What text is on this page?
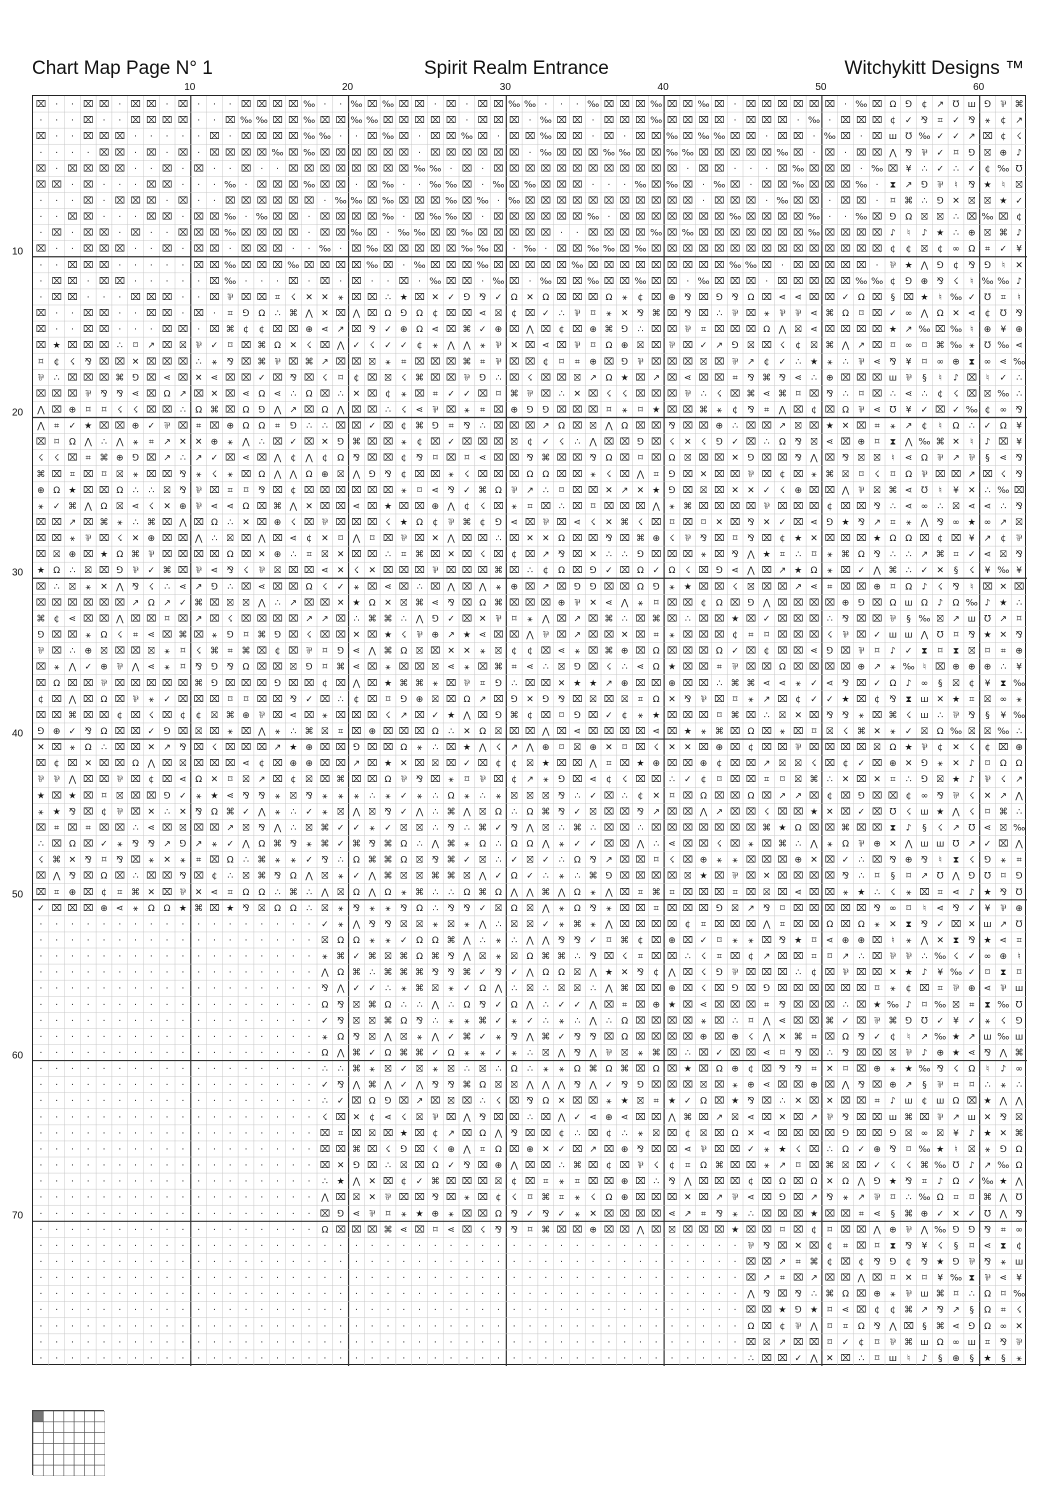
Chart Map Page N° 1	Spirit Realm Entrance	Witchykitt Designs ™
10	20	30	40	50	60
10
20
30
40
50
60
70
⌧ ⋅ ⋅ ⌧ ⌧ ⋅ ⌧ ⌧ ⋅ ⌧ ⋅ ⋅ ⋅ ⌧ ⌧ ⌧ ⌧ ‰ ⋅ ⋅ ‰ ⌧ ‰ ⌧ ⌧ ⋅ ⌧ ⋅ ⌧ ⌧ ‰ ‰ ⋅ ⋅ ⋅ ‰ ⌧ ⌧ ⌧ ‰ ⌧ ⌧ ‰ ⌧ ⋅ ⌧ ⌧ ⌧ ⌧ ⌧ ⌧ ⋅ ‰ ⌧ Ω ⅁ ¢ ↗ ℧ ш ⅁ ⅌ ⌘
⋅ ⋅ ⋅ ⌧ ⋅ ⋅ ⌧ ⌧ ⌧ ⌧ ⋅ ⋅ ⌧ ‰ ‰ ⌧ ⌧ ‰ ⌧ ⌧ ‰ ‰ ⌧ ⌧ ⌧ ⌧ ⌧ ⋅ ⌧ ⌧ ⌧ ⋅ ‰ ⌧ ⌧ ⋅ ⌧ ⌧ ⌧ ‰ ⌧ ⌧ ⌧ ⌧ ⋅ ⌧ ⌧ ⌧ ⋅ ‰ ⋅ ⌧ ⌧ ⌧ ¢ ✓ ⅋ ⌗ ✓ ⅋ ⚹ ¢ ↗
⌧ ⋅ ⋅ ⌧ ⌧ ⌧ ⋅ ⋅ ⋅ ⋅ ⋅ ⌧ ⋅ ⌧ ⌧ ⌧ ⌧ ‰ ‰ ⋅ ⋅ ⌧ ‰ ⌧ ⋅ ⌧ ⌧ ‰ ⌧ ⋅ ⌧ ⌧ ‰ ⌧ ⌧ ⋅ ⌧ ⋅ ⌧ ⌧ ‰ ⌧ ‰ ‰ ⌧ ⌧ ⋅ ⌧ ⌧ ⋅ ‰ ⌧ ⋅ ⌧ ш ℧ ‰ ✓ ✓ ↗ ⌧ ¢ ☇
⋅ ⋅ ⋅ ⋅ ⌧ ⌧ ⋅ ⌧ ⋅ ⌧ ⋅ ⌧ ⌧ ⌧ ⌧ ‰ ⌧ ‰ ⌧ ⌧ ⌧ ⌧ ⌧ ⌧ ⋅ ⌧ ⌧ ⌧ ⌧ ⌧ ⌧ ⋅ ‰ ⌧ ⌧ ⌧ ‰ ‰ ⌧ ⌧ ‰ ‰ ⌧ ⌧ ⌧ ⌧ ⌧ ‰ ⌧ ⋅ ⌧ ⋅ ⌧ ⌧ ⋀ ⅋ ⅌ ✓ ⌑ ⅁ ⛝ ⊕ ♪
⌧ ⋅ ⌧ ⌧ ⌧ ⌧ ⋅ ⋅ ⌧ ⋅ ⌧ ⋅ ⋅ ⌧ ⋅ ⋅ ⌧ ⌧ ⌧ ⌧ ⌧ ⌧ ⌧ ⌧ ‰ ‰ ⋅ ⌧ ⋅ ⌧ ⌧ ⌧ ⌧ ⌧ ⌧ ⌧ ⌧ ⌧ ⌧ ⌧ ⌧ ⋅ ⌧ ⌧ ⋅ ⋅ ⋅ ⌧ ‰ ⌧ ⌧ ⌧ ⋅ ‰ ⌧ ¥ ∴ ✓ ∴ ✓ ¢ ‰ ℧
⌧ ⌧ ⋅ ⌧ ⋅ ⋅ ⋅ ⌧ ⌧ ⋅ ⋅ ⋅ ‰ ⋅ ⌧ ⌧ ⌧ ‰ ⌧ ⌧ ⋅ ⌧ ‰ ⋅ ⋅ ‰ ‰ ⌧ ⋅ ‰ ⌧ ‰ ⌧ ⌧ ⌧ ⋅ ⋅ ⋅ ‰ ⌧ ‰ ⌧ ⋅ ‰ ⌧ ⋅ ⌧ ⌧ ‰ ⌧ ⌧ ⌧ ‰ ⋅ ⧗ ↗ ⅁ ⅌ ♮ ⅋ ★ ♮ ⛝
⋅ ⋅ ⋅ ⌧ ⋅ ⌧ ⌧ ⌧ ⋅ ⌧ ⋅ ⋅ ⌧ ⌧ ⌧ ⌧ ⌧ ⌧ ⋅ ‰ ‰ ⌧ ‰ ⌧ ⌧ ⌧ ‰ ⌧ ‰ ⋅ ‰ ⌧ ⌧ ⌧ ⌧ ⌧ ⌧ ⌧ ⌧ ⌧ ⌧ ⌧ ⋅ ⌧ ⌧ ⌧ ⋅ ‰ ⌧ ⌧ ⋅ ⌧ ⌧ ⋅ ⌑ ⌘ ∴ ⅁ ✕ ⛝ ⛝ ★ ✓
⋅ ⋅ ⌧ ⌧ ⋅ ⋅ ⋅ ⌧ ⌧ ⋅ ⌧ ⌧ ‰ ⋅ ‰ ⌧ ⌧ ⋅ ⌧ ⌧ ⌧ ⌧ ‰ ⋅ ⌧ ‰ ‰ ⌧ ⋅ ⌧ ⌧ ⌧ ⌧ ⌧ ⌧ ‰ ⋅ ⌧ ⌧ ⌧ ⌧ ⌧ ⌧ ⌧ ‰ ⌧ ⌧ ⌧ ⌧ ‰ ⋅ ⋅ ‰ ⌧ ⅁ Ω ⛝ ⛝ ∴ ⌧ ‰ ⌧ ¢
⋅ ⌧ ⋅ ⌧ ⌧ ⋅ ⌧ ⋅ ⋅ ⌧ ⌧ ⌧ ‰ ⌧ ⌧ ⌧ ⌧ ⋅ ⌧ ⌧ ‰ ⌧ ⋅ ‰ ‰ ⌧ ⌧ ‰ ⌧ ⌧ ⌧ ⌧ ⌧ ⋅ ⋅ ⌧ ⌧ ⌧ ⌧ ‰ ⌧ ‰ ⌧ ⌧ ⌧ ⌧ ⌧ ⌧ ⌧ ‰ ⌧ ⌧ ⌧ ⌧ ♪ ♮ ♪ ★ ∴ ⊕ ⛝ ⌘ ♪
⌧ ⋅ ⋅ ⌧ ⌧ ⌧ ⋅ ⋅ ⌧ ⋅ ⌧ ⌧ ⋅ ⌧ ⌧ ⌧ ⋅ ⋅ ‰ ⋅ ⌧ ‰ ⌧ ⌧ ⌧ ⌧ ⌧ ‰ ‰ ⌧ ⋅ ‰ ⋅ ⌧ ⌧ ‰ ‰ ⌧ ‰ ⌧ ⌧ ⌧ ⌧ ⌧ ⌧ ⌧ ⌧ ⌧ ⌧ ⌧ ⌧ ⌧ ⌧ ⌧ ¢ ¢ ⛝ ¢ ∞ Ω ⌗ ✓ ¥
⋅ ⋅ ⌧ ⌧ ⌧ ⋅ ⋅ ⋅ ⋅ ⋅ ⌧ ⌧ ‰ ⌧ ⌧ ⌧ ‰ ⌧ ⌧ ⌧ ⌧ ‰ ⌧ ⋅ ‰ ⌧ ⌧ ⌧ ‰ ⌧ ⌧ ⌧ ⌧ ⌧ ‰ ⌧ ⌧ ⌧ ⌧ ⌧ ⌧ ⌧ ⌧ ⌧ ‰ ‰ ⌧ ⋅ ⌧ ⌧ ⌧ ⌧ ⌧ ⋅ ⅌ ★ ⋀ ⅁ ¢ ⅋ ⅁ ♮ ✕
⋅ ⌧ ⌧ ⋅ ⌧ ⌧ ⋅ ⋅ ⋅ ⋅ ⋅ ⌧ ‰ ⋅ ⋅ ⋅ ⌧ ⋅ ⌧ ⋅ ⌧ ⋅ ⋅ ⌧ ⋅ ‰ ⌧ ⌧ ⋅ ‰ ⌧ ⋅ ‰ ⌧ ⌧ ‰ ⌧ ⌧ ‰ ⌧ ⌧ ⋅ ‰ ⌧ ⌧ ⌧ ⋅ ⌧ ⌧ ⌧ ⌧ ⌧ ‰ ‰ ¢ ⅁ ⊕ ⅋ ☇ ♮ ‰ ‰ ♪
⋅ ⌧ ⌧ ⋅ ⋅ ⋅ ⌧ ⌧ ⌧ ⋅ ⋅ ⌧ ⅌ ⌧ ⌧ ⌗ ☇ ✕ ✕ ⚹ ⌧ ⌧ ∴ ★ ⌧ ✕ ✓ ⅁ ⅋ ✓ Ω ✕ Ω ⌧ ⌧ ⌧ Ω ⚹ ¢ ⌧ ⊕ ⅋ ⌧ ⅁ ⅋ Ω ⌧ ⋖ ⋖ ⌧ ⌧ ✓ Ω ⌧ § ⌧ ★ ♮ ‰ ✓ ℧ ⌗ ♮
⌧ ⋅ ⋅ ⌧ ⌧ ⋅ ⋅ ⌧ ⌧ ⋅ ⌧ ⋅ ⌗ ⅁ Ω ∴ ⌘ ⋀ ✕ ⌧ ⋀ ⌧ Ω ⅁ Ω ¢ ⌧ ⌧ ⋖ ⛝ ¢ ⌧ ✓ ∴ ⅌ ⌑ ⚹ ✕ ⅋ ⌘ ⌧ ⅋ ⌧ ∴ ⅌ ⌧ ⚹ ⅌ ⅌ ⋖ ⌘ Ω ⌑ ⌧ ✓ ∞ ⋀ Ω ✕ ⋖ ¢ ℧ ⅋
⌧ ⋅ ⋅ ⌧ ⌧ ⋅ ⋅ ⋅ ⌧ ⌧ ⋅ ⌧ ⌘ ¢ ¢ ⌧ ⌧ ⊕ ⋖ ↗ ⌧ ⅋ ✓ ⊕ Ω ⋖ ⌧ ⌘ ✓ ⊕ ⌧ ⋀ ⌧ ¢ ⌧ ⊕ ⌘ ⅁ ∴ ⌧ ⌧ ⅌ ⌗ ⌧ ⌧ ⌧ Ω ⋀ ⛝ ⋖ ⌧ ⌧ ⌧ ⌧ ★ ↗ ‰ ⌧ ‰ ♮ ⊕ ¥ ⊕
⌧ ★ ⌧ ⌧ ⌧ ∴ ⌑ ↗ ⌧ ⛝ ⅌ ✓ ⌑ ⌧ ⌘ Ω ✕ ☇ ⌧ ⋀ ✓ ☇ ✓ ✓ ¢ ⚹ ⋀ ⋀ ⚹ ⅌ ✕ ⌧ ⋖ ⌧ ⅌ ⌑ Ω ⊕ ⛝ ⌧ ⅌ ⌧ ✓ ↗ ⅁ ⛝ ⌧ ☇ ¢ ⛝ ⌘ ⋀ ↗ ⌧ ⌑ ∞ ⌑ ⌘ ‰ ⚹ ℧ ‰ ⋖
⌑ ¢ ☇ ⅋ ⌧ ⌧ ✕ ⌧ ⌧ ⌧ ∴ ⚹ ⅋ ⌧ ⌘ ⅌ ⌧ ⌘ ↗ ⌧ ⌧ ⛝ ⚹ ⌗ ⌧ ⌧ ⌧ ⌘ ⌗ ⅌ ⌧ ⌧ ¢ ⌑ ⌗ ⊕ ⌧ ⅁ ⅌ ⌧ ⌧ ⌧ ⛝ ⌧ ⅌ ↗ ¢ ✓ ∴ ★ ⚹ ∴ ⅌ ⋖ ⅋ ¥ ⌑ ∞ ⊕ ⧗ ∞ ⋖ ‰
⅌ ∴ ⌧ ⌧ ⌧ ⌘ ⅁ ⌧ ⋖ ⌧ ✕ ⋖ ⌧ ⌧ ✓ ⌧ ⅋ ⌧ ☇ ⌑ ¢ ⌧ ⛝ ☇ ⌘ ⌧ ⌧ ⅌ ⅁ ∴ ⌧ ☇ ⌧ ⌧ ⛝ ↗ Ω ★ ⌧ ↗ ⌧ ⋖ ⌧ ⌧ ⌗ ⅋ ⌘ ⅋ ⋖ ∴ ⊕ ⌧ ⌧ ⌧ ш ⅌ § ♮ ♪ ⌧ ♮ ✓ ∴
⌧ ⌧ ⌧ ⅌ ⅋ ⅋ ⋖ ⌧ Ω ↗ ⌧ ✕ ⌧ ⋖ Ω ⋖ ∴ Ω ⌧ ∴ ✕ ⌧ ¢ ⚹ ⌧ ⌗ ✓ ✓ ⌧ ⌑ ⌘ ⅌ ⌧ ∴ ✕ ⌧ ☇ ☇ ⌧ ⌧ ⌧ ⅌ ∴ ☇ ⌧ ⌘ ⋖ ⌘ ⌑ ⌧ ⅋ ∴ ⌑ ⌧ ∴ ⋖ ∴ ¢ ☇ ⌧ ⛝ ‰ ∴
⋀ ⌧ ⊕ ⌑ ⌑ ☇ ☇ ⌧ ⌧ ∴ Ω ⌘ ⌧ Ω ⅁ ⋀ ↗ ⌧ Ω ⋀ ⌧ ⌧ ∴ ☇ ⋖ ⅌ ⌧ ⚹ ⌗ ⌧ ⊕ ⅁ ⅁ ⌧ ⌧ ⌧ ⌑ ⚹ ⌑ ★ ⌧ ⌧ ⌘ ⚹ ¢ ⅋ ⌗ ⋀ ⌧ ¢ ⌧ Ω ⅌ ⋖ ℧ ¥ ✓ ⌧ ✓ ‰ ¢ ∞ ⅋
⋀ ⌗ ✓ ★ ⌧ ⌧ ⊕ ✓ ⅌ ⌧ ⌗ ⌧ ⊕ Ω Ω ⌗ ⅁ ∴ ∴ ⌧ ⌧ ✓ ⌧ ¢ ⌘ ⅁ ⌗ ⅋ ∴ ⌧ ⌧ ⌧ ↗ Ω ⌧ ⛝ ⋀ Ω ⌧ ⌧ ⅋ ⌧ ⌧ ⊕ ∴ ⌧ ⌧ ↗ ⛝ ⌧ ★ ✕ ⌧ ⌗ ⚹ ↗ ¢ ♮ Ω ∴ ✓ Ω ¥
⌧ ⌑ Ω ⋀ ∴ ⋀ ⚹ ⌗ ↗ ✕ ✕ ⊕ ⚹ ⋀ ∴ ⌧ ✓ ⌧ ✕ ⅁ ⌘ ⌧ ⌧ ⚹ ¢ ⌧ ✓ ⌧ ⌧ ⌧ ⛝ ¢ ✓ ☇ ∴ ⋀ ⌧ ⌧ ⅁ ⌧ ☇ ✕ ☇ ⅁ ✓ ⌧ ∴ Ω ⅋ ⛝ ⋖ ⌧ ⊕ ⌑ ⧗ ⋀ ‰ ⌘ ✕ ♮ ♪ ⌧ ¥
☇ ☇ ⌧ ⌗ ⌘ ⊕ ⅁ ⌧ ↗ ∴ ↗ ✓ ⌧ ⋖ ⌧ ⋀ ¢ ⋀ ¢ Ω ⅋ ⌧ ⌧ ¢ ⅋ ⌑ ⌧ ⌑ ⋖ ⌧ ⌧ ⅋ ⌘ ⌧ ⌧ ⅋ Ω ⌧ ⌑ ⌧ Ω ⛝ ⌧ ⌧ ✕ ⅁ ⌧ ⌧ ⅋ ⋀ ⌧ ⅋ ⛝ ⛝ ♮ ⋖ Ω ⅌ ↗ ⅌ § ⋖ ⅋
⌘ ⌧ ⌗ ⌧ ⌑ ⛝ ⚹ ⌧ ⌧ ⅋ ⚹ ☇ ⚹ ⌧ Ω ⋀ ⋀ Ω ⊕ ⛝ ⋀ ⅁ ⅋ ¢ ⌧ ⌧ ⚹ ☇ ⌧ ⌧ ⌧ Ω Ω ⌧ ⌧ ⚹ ☇ ⌧ ⋀ ⌗ ⅁ ⌧ ✕ ⌧ ⌧ ⅌ ⌧ ¢ ⌧ ⚹ ⌘ ⛝ ⌑ ☇ ⌑ Ω ⅌ ⌧ ⌧ ↗ ⌧ ☇ ⅋
⊕ Ω ★ ⌧ ⌧ Ω ∴ ∴ ⛝ ⅋ ⅌ ⌧ ⌗ ⌑ ⅋ ⌧ ¢ ⌧ ⌧ ⌧ ⌧ ⌧ ⌧ ⚹ ⌑ ⋖ ⅋ ✓ ⌘ Ω ⅌ ↗ ∴ ⌑ ⌧ ⌧ ✕ ↗ ✕ ★ ⅁ ⌧ ⛝ ⌧ ✕ ✕ ✓ ☇ ⊕ ⌧ ⌧ ⋀ ⅌ ⛝ ⌘ ⋖ ℧ ♮ ¥ ✕ ∴ ‰ ⌧
⚹ ✓ ⌘ ⋀ Ω ⛝ ⋖ ☇ ✕ ⊕ ⅌ ⋖ ⋖ Ω ⌧ ⌘ ⋀ ✕ ⌧ ⌧ ⋖ ⌧ ★ ⌧ ⌧ ⊕ ⋀ ¢ ☇ ⌧ ⚹ ⌗ ⌧ ∴ ⌧ ⌑ ⌧ ⌧ ⌧ ⋀ ⚹ ⌘ ⌧ ⌧ ⌧ ⌧ ⅌ ⌧ ⌧ ⌧ ¢ ⌧ ⌧ ⅋ ∴ ⋖ ∞ ∴ ⛝ ⋖ ⋖ ∴ ⅋
⌧ ⌧ ↗ ⌧ ⌘ ⚹ ∴ ⌘ ⌧ ⋀ ⌧ Ω ∴ ✕ ⌧ ⊕ ☇ ⌧ ⅌ ⌧ ⌧ ⌧ ☇ ★ Ω ¢ ⅌ ⌘ ¢ ⅁ ⋖ ⌧ ⅌ ⌧ ⋖ ☇ ✕ ⌘ ☇ ⌧ ⌑ ⌧ ⌑ ✕ ⌧ ⅋ ✕ ✓ ⌧ ⋖ ⅁ ★ ⅋ ↗ ⌗ ⚹ ⋀ ⅋ ∞ ★ ∞ ↗ ⛝
⌧ ⌧ ⚹ ⅌ ⌧ ☇ ✕ ⊕ ⌧ ⌧ ⋀ ∴ ⛝ ⌧ ⋀ ⌧ ⋖ ¢ ✕ ⌑ ⋀ ⌑ ⌧ ⅌ ⌧ ✕ ⋀ ⌧ ⌧ ∴ ⌧ ✕ ✕ Ω ⌧ ⌧ ⅋ ⌧ ⌘ ⊕ ☇ ⅌ ⅋ ⌧ ⌑ ⅋ ⌧ ¢ ★ ✕ ⌧ ⌧ ⌧ ★ Ω Ω ⌧ ¢ ⌧ ¥ ↗ ¢ ⅌
⌧ ⛝ ⊕ ⌧ ★ Ω ⌘ ⅌ ⌧ ⌧ ⌧ ⌧ Ω ⌧ ✕ ⊕ ∴ ⌗ ⛝ ✕ ⌧ ⌧ ∴ ⌗ ⌘ ⌧ ✕ ⌧ ☇ ⌧ ¢ ⌧ ↗ ⅋ ⌧ ✕ ∴ ∴ ⅁ ⌧ ⌧ ⌧ ⚹ ⌧ ⅋ ⋀ ★ ⌗ ∴ ⌑ ⚹ ⌘ Ω ⅋ ∴ ∴ ↗ ⌘ ⌗ ✓ ⋖ ⛝ ⅋
★ Ω ∴ ⛝ ⌧ ⅁ ⅌ ✓ ⌘ ⌧ ⅌ ⋖ ⅋ ☇ ⅌ ⛝ ⌧ ⌧ ⋖ ✕ ☇ ✕ ⌧ ⌧ ⌧ ⅌ ⌧ ⌧ ⌧ ⌘ ⌧ ∴ ¢ Ω ⌧ ⅁ ✓ ⌧ Ω ✓ Ω ☇ ⌧ ⅁ ⋖ ⋀ ⌧ ↗ ★ Ω ⚹ ⌧ ✓ ⋀ ⌘ ∴ ✓ ✕ § ☇ ¥ ‰ ¥
⌧ ∴ ⛝ ⚹ ✕ ⋀ ⅋ ☇ ∴ ⋖ ↗ ⅁ ∴ ⌧ ⋖ ⌧ ⌧ Ω ☇ ✓ ⚹ ⌧ ⋖ ⌧ ∴ ⌧ ⋀ ⌧ ⋀ ⚹ ⊕ ⌧ ↗ ⌧ ⅁ ⅁ ⌧ ⌧ Ω ⅁ ⚹ ★ ⌧ ⌧ ☇ ⛝ ⌧ ⌧ ↗ ⋖ ⌗ ⌧ ⌧ ⊕ ⌑ Ω ♪ ☇ ⅋ ♮ ⌧ ✕ ⌧
⌧ ⌧ ⌧ ⌧ ⌧ ⌧ ↗ Ω ↗ ✓ ⌘ ⌧ ⛝ ⛝ ⋀ ∴ ↗ ⌧ ⌧ ✕ ★ Ω ✕ ⛝ ⌘ ⋖ ⅋ ⌧ Ω ⌘ ⌧ ⌧ ⌧ ⊕ ⅌ ✕ ⋖ ⋀ ⚹ ⌑ ⌧ ⌧ ¢ Ω ⌧ ⅁ ⋀ ⌧ ⌧ ⌧ ⌧ ⊕ ⅁ ⌧ Ω ш Ω ♪ Ω ‰ ♪ ★ ∴
⌘ ¢ ⋖ ⌧ ⌧ ⋀ ⌧ ⌧ ⌑ ⌧ ↗ ⌧ ☇ ⌧ ⌧ ⌧ ⌧ ↗ ↗ ⌧ ∴ ⌘ ⌘ ∴ ⋀ ⅁ ✓ ⌧ ✕ ⅌ ⌑ ⚹ ⋀ ⌧ ↗ ⌧ ⌘ ∴ ⌧ ⌘ ⌧ ∴ ⌧ ⌧ ★ ⌧ ✓ ⌧ ⌧ ⌧ ∴ ⅋ ⌧ ⌧ ⅌ § ‰ ⛝ ↗ ш ℧ ↗ ⌑
⅁ ⌧ ⌧ ⚹ Ω ☇ ⌗ ⋖ ⌧ ⌘ ⌧ ⚹ ⅁ ⌑ ⌘ ⅁ ⌧ ☇ ⌧ ⌧ ✕ ⌧ ★ ☇ ⅌ ⊕ ↗ ★ ⋖ ⌧ ⌧ ⋀ ⅌ ⌧ ↗ ⌧ ⌧ ✕ ⌧ ⌗ ⚹ ⌧ ⌧ ⌧ ¢ ⌗ ⌑ ⌧ ⌧ ⌧ ☇ ⅌ ⌧ ✓ ш ш ⋀ ℧ ⌑ ⅋ ★ ✕ ⅋
⅌ ⌧ ∴ ⊕ ⛝ ⌧ ⌧ ⛝ ⚹ ⌑ ☇ ⌘ ⌗ ⌘ ⌧ ¢ ⌧ ⅌ ⌑ ⅁ ⋖ ⋀ ⌘ Ω ⛝ ⌧ ✕ ✕ ⚹ ⛝ ¢ ¢ ⌧ ⋖ ⚹ ⌧ ⌘ ⊕ ⌧ Ω ⌧ ⌧ ⌧ Ω ✓ ⌧ ¢ ⌧ ⌧ ⋖ ⅁ ⌧ ⅌ ⌑ ♪ ✓ ⧗ ⌑ ⧗ ⛝ ⌑ ⌗ ⊕
⌧ ⚹ ⋀ ✓ ⊕ ⅌ ⋀ ⋖ ⚹ ⌑ ⅋ ⅁ ⅋ Ω ⌧ ⌧ ⛝ ⅁ ⌑ ⌘ ⋖ ⌧ ⚹ ⌧ ⌧ ⛝ ⋖ ⚹ ⌧ ⌘ ⌗ ⋖ ∴ ⛝ ⅁ ⌧ ☇ ∴ ⋖ Ω ★ ⌧ ⌧ ⌗ ⅌ ⌧ ⌧ Ω ⌧ ⌧ ⌧ ⌧ ⊕ ↗ ⚹ ‰ ♮ ⌧ ⊕ ⊕ ⊕ ∴ ¥
⌧ Ω ⌧ ⌧ ⅌ ⌧ ⌧ ⌧ ⌧ ⌧ ⌘ ⅁ ⌧ ⌧ ⌧ ⅁ ⌧ ⌧ ¢ ⌧ ⋀ ⌧ ★ ⌘ ⌘ ⚹ ⌧ ⅌ ⌗ ⅁ ∴ ⌧ ⌧ ✕ ★ ★ ↗ ⊕ ⌧ ⌧ ⊕ ⌧ ⌧ ∴ ⌘ ⌘ ⋖ ⋖ ⚹ ✓ ⋖ ⅋ ⌧ ✓ Ω ♪ ∞ § ⛝ ¢ ¥ ⧗ ‰
¢ ⌧ ⋀ ⌧ Ω ⌧ ⅌ ⚹ ✓ ⌧ ⌧ ⌧ ⌑ ⌑ ⌧ ⌧ ⅋ ✓ ⌧ ∴ ¢ ⌧ ⌑ ⅁ ⊕ ⛝ ⌧ Ω ↗ ⌧ ⅁ ✕ ⅁ ⅋ ⌧ ⛝ ⌧ ⛝ ⌗ Ω ✕ ⅋ ⅌ ⌧ ⌑ ⚹ ↗ ⌧ ¢ ✓ ✓ ★ ⌧ ¢ ⅋ ⧗ ш ✕ ★ ⌗ ⛝ ∞ ⚹
⌧ ⌧ ⌘ ⌧ ⌧ ¢ ⌧ ☇ ⌧ ¢ ¢ ⛝ ⌘ ⊕ ⅌ ⌧ ⋖ ⌧ ⚹ ⌧ ⌧ ⌧ ☇ ↗ ⌧ ✓ ★ ⋀ ⌧ ⅁ ⌘ ¢ ⌧ ⌑ ⅁ ⌧ ✓ ¢ ⚹ ★ ⌧ ⌧ ⌧ ⌑ ⌘ ⌧ ∴ ⛝ ✕ ⌧ ⅋ ⅋ ⚹ ⌧ ⌘ ☇ ш ∴ ⅌ ⅋ § ¥ ‰
⅁ ⊕ ✓ ⅋ Ω ⌧ ⌧ ✓ ⅁ ⌧ ⛝ ⌧ ⚹ ⌧ ⋀ ⚹ ∴ ⌘ ⛝ ⌗ ⌧ ⊕ ⌧ ⌧ ⌧ Ω ∴ ✕ Ω ⛝ ⌧ ⌧ ⋀ ⌧ ⋖ ⌧ ⌧ ⌧ ⌧ ⋖ ⌧ ★ ⚹ ⌘ ⌧ Ω ⌧ ⚹ ⌧ ⌑ ⛝ ☇ ⌘ ✕ ⚹ ✓ ⛝ Ω ‰ ⛝ ⛝ ‰ ∴
✕ ⌧ ⚹ Ω ∴ ⌧ ⌧ ✕ ↗ ⅋ ⌧ ☇ ⌧ ⌧ ⌧ ↗ ★ ⊕ ⌧ ⌧ ⅁ ⌧ ⌧ Ω ⚹ ∴ ⌧ ★ ⋀ ☇ ↗ ⋀ ⊕ ⌑ ⛝ ⊕ ✕ ⌑ ⌧ ☇ ✕ ✕ ⌧ ⊕ ⌧ ¢ ⌧ ⌧ ⅌ ⌧ ⌧ ⌧ ⌧ ⛝ Ω ★ ⅌ ¢ ✕ ☇ ¢ ⌧ ⊕
⌧ ¢ ⌧ ✕ ⌧ ⌧ Ω ⋀ ⌧ ⛝ ⌧ ⌧ ⌧ ⋖ ¢ ⌧ ⊕ ⊕ ⌧ ⌧ ↗ ⌧ ★ ✕ ⌧ ⛝ ⌧ ✓ ⌧ ¢ ¢ ⛝ ★ ⌧ ⌧ ⋀ ⌗ ⌧ ★ ⊕ ⌧ ⌧ ⊕ ¢ ⌧ ⌧ ↗ ⛝ ⛝ ☇ ⌧ ¢ ✓ ⌧ ⊕ ✕ ⅁ ⚹ ✕ ♪ ⌑ Ω Ω
⅌ ⅌ ⋀ ⌧ ⌧ ⅌ ⌧ ¢ ⌧ ⋖ Ω ✕ ⌑ ⛝ ↗ ⌧ ¢ ⛝ ⌧ ⌘ ⌧ ⌧ Ω ⅌ ⅋ ⌧ ⚹ ⌑ ⅌ ⌧ ¢ ↗ ⚹ ⅁ ⌧ ⋖ ¢ ☇ ⌧ ⌧ ∴ ✓ ¢ ⌑ ⌧ ⌧ ⌗ ⌑ ⛝ ⌘ ∴ ✕ ⌧ ✕ ⌗ ∴ ⅁ ⛝ ★ ♪ ⅌ ☇ ↗
★ ⌧ ★ ⌧ ⌑ ⛝ ⌧ ⌧ ⅁ ✓ ⚹ ★ ⋖ ⅋ ⅋ ⚹ ⛝ ⅋ ⚹ ⚹ ⚹ ∴ ⚹ ✓ ⚹ ∴ Ω ⚹ ∴ ⚹ ⛝ ⛝ ⛝ ⅋ ∴ ✓ ⌧ ∴ ¢ ✕ ⌑ ⌧ Ω ⌧ ⌧ Ω ⌧ ↗ ↗ ⌧ ¢ ⌧ ⅁ ⌧ ⌧ ¢ ∞ ⅋ ⅌ ☇ ✕ ↗ ⋀
⚹ ★ ⅋ ⌧ ¢ ⅌ ⌧ ✕ ∴ ✕ ⅋ Ω ⌘ ✓ ⋀ ⚹ ∴ ✓ ⚹ ⛝ ⋀ ⛝ ⅋ ✓ ⋀ ∴ ⌘ ⋀ ⛝ Ω ∴ Ω ⌘ ⅋ ✓ ⛝ ⌧ ⌧ ⅋ ↗ ⌧ ⌧ ⋀ ↗ ⌧ ⌧ ☇ ⌧ ⌧ ★ ✕ ⌧ ✓ ⌧ ℧ ☇ ш ★ ⋀ ☇ ⌑ ⌘ ∴
⌧ ⌗ ⌧ ⌗ ⌧ ⌧ ∴ ⋖ ⌧ ⛝ ⌧ ⌧ ↗ ⛝ ⅋ ⋀ ∴ ⛝ ⌘ ✓ ✓ ⚹ ✓ ⛝ ⛝ ∴ ⅋ ∴ ⌘ ✓ ⅋ ⋀ ⛝ ∴ ⌘ ∴ ⌧ ⌧ ∴ ⌧ ⌧ ⌧ ⌧ ⌧ ⌧ ⌧ ⌘ ★ Ω ⌧ ⌧ ⌘ ⌧ ⌧ ⧗ ♪ § ☇ ↗ ℧ ⋖ ⛝ ‰
∴ ⌧ Ω ⌧ ✓ ⚹ ⅋ ⅋ ↗ ⅁ ↗ ⚹ ✓ ⋀ Ω ⌘ ⅋ ⚹ ⌘ ✓ ⌘ ⅋ ⌘ Ω ∴ ⋀ ⌘ ⚹ Ω ∴ Ω Ω ⋀ ⚹ ✓ ✓ ⌧ ⌧ ⋀ ∴ ⋖ ⌧ ⌧ ☇ ⌧ ⚹ ⌧ ⌘ ∴ ⋀ ⚹ Ω ⅌ ⊕ ✕ ⋀ ш ш ℧ ↗ ✓ ⌧ ⋀
☇ ⌘ ✕ ⅋ ⌑ ⅋ ⌧ ⚹ ✕ ⚹ ⌗ ⌧ Ω ∴ ⌘ ⚹ ⚹ ✓ ⅋ ∴ Ω ⌘ ⌘ Ω ⛝ ⅋ ⌘ ✓ ⛝ ∴ ✓ ⛝ ✓ ∴ Ω ⅋ ↗ ⌧ ⌧ ⌑ ☇ ⌧ ⊕ ⚹ ⚹ ⌧ ⌧ ⌧ ⊕ ✕ ⌧ ✓ ∴ ⌧ ⅋ ⊕ ⅋ ♮ ⧗ ☇ ⅁ ⚹ ⌗
⌧ ⋀ ⅋ ⌧ Ω ⌧ ∴ ⌧ ⌧ ⅋ ⌧ ¢ ∴ ⛝ ⌘ ⅋ Ω ⋀ ⛝ ⚹ ✓ ⋀ ⌘ ⛝ ⛝ ⌘ ⌘ ⛝ ⋀ ✓ Ω ✓ ∴ ⚹ ∴ ⌘ ⅁ ⌧ ⌧ ⌧ ⌧ ⛝ ★ ⌧ ⅌ ⌧ ✕ ⌧ ⌧ ⌧ ⌧ ⅋ ∴ ⌑ § ⌑ ↗ ℧ ⋀ ⅁ ℧ ⌑ ⅁
⌧ ⌗ ⊕ ⌧ ¢ ⌗ ⌘ ✕ ⌧ ⅌ ✕ ⋖ ⌗ Ω Ω ∴ ⌘ ∴ ⋀ ⛝ Ω ⋀ Ω ⚹ ⌘ ∴ ∴ Ω ⌘ Ω ⋀ ⋀ ⌘ ⋀ Ω ⚹ ⋀ ⌧ ⌗ ⌘ ⌗ ⌧ ⌧ ⌧ ⌗ ⌧ ⛝ ⌧ ⋖ ⌧ ⌧ ⚹ ★ ∴ ☇ ⚹ ⌧ ⌗ ⋖ ♪ ★ ⅋ ℧
✓ ⌧ ⌧ ⌧ ⊕ ⋖ ⚹ Ω Ω ★ ⌘ ⌧ ★ ⅋ ⛝ Ω Ω ∴ ⛝ ⚹ ⅋ ⚹ ⚹ ⅋ Ω ∴ ⅋ ⅋ ✓ ⛝ Ω ⛝ ⋀ ⚹ Ω ⅋ ⚹ ⌧ ⌧ ⌗ ⌧ ⌧ ⌧ ⅁ ⛝ ↗ ⅋ ⌑ ⌧ ⌧ ⌧ ⌧ ⌧ ⅋ ∞ ⌑ ♮ ⋖ ⅋ ✓ ¥ ⅌ ⊕
⋅ ⋅ ⋅ ⋅ ⋅ ⋅ ⋅ ⋅ ⋅ ⋅ ⋅ ⋅ ⋅ ⋅ ⋅ ⋅ ⋅ ⋅ ✓ ⚹ ⋀ ⅋ ⅋ ⛝ ⛝ ⚹ ⛝ ⚹ ⋀ ∴ ⛝ ⛝ ✓ ⚹ ⌘ ⚹ ⋀ ⌧ ⌧ ⌧ ⌧ ¢ ⌗ ⌧ ⌧ ⌧ ⋀ ⌗ ⌧ ⌧ Ω ⌧ Ω ⚹ ✕ ⧗ ⅋ ✓ ⌧ ✕ ш ↗ ℧
⋅ ⋅ ⋅ ⋅ ⋅ ⋅ ⋅ ⋅ ⋅ ⋅ ⋅ ⋅ ⋅ ⋅ ⋅ ⋅ ⋅ ⋅ ⛝ Ω Ω ⚹ ⚹ ✓ Ω Ω ⌘ ⋀ ∴ ⚹ ∴ ⋀ ⋀ ⅋ ⅋ ✓ ⌑ ⌘ ¢ ⌧ ⊕ ⌧ ✓ ⌑ ⚹ ⚹ ⌧ ⅋ ★ ⌑ ⋖ ⊕ ⊕ ⌧ ♮ ⚹ ⋀ ✕ ⧗ ⅋ ★ ⋖ ⌗
⋅ ⋅ ⋅ ⋅ ⋅ ⋅ ⋅ ⋅ ⋅ ⋅ ⋅ ⋅ ⋅ ⋅ ⋅ ⋅ ⋅ ⋅ ⚹ ⌘ ✓ ⌘ ⛝ ⌘ Ω ⌘ ⅋ ⋀ ⛝ ⚹ ⛝ Ω ⌘ ⌘ ∴ ⅋ ⌧ ☇ ⌗ ⌧ ⌧ ∴ ☇ ⌗ ⌧ ¢ ↗ ⌧ ⌧ ⌗ ⌑ ↗ ∴ ⌧ ⅌ ⅌ ∴ ‰ ☇ ✓ ∞ ⊕ ♮
⋅ ⋅ ⋅ ⋅ ⋅ ⋅ ⋅ ⋅ ⋅ ⋅ ⋅ ⋅ ⋅ ⋅ ⋅ ⋅ ⋅ ⋅ ⋀ Ω ⌘ ∴ ⌘ ⌘ ⌘ ⅋ ⅋ ⌘ ✓ ⅋ ✓ ⋀ Ω Ω ⛝ ⋀ ★ ✕ ⅋ ¢ ⋀ ⌧ ☇ ⅁ ⅌ ⌧ ⌧ ⌧ ∴ ¢ ⌧ ⅌ ⌧ ⌧ ✕ ★ ♪ ¥ ‰ ✓ ⌑ ⧗ ⌑
⋅ ⋅ ⋅ ⋅ ⋅ ⋅ ⋅ ⋅ ⋅ ⋅ ⋅ ⋅ ⋅ ⋅ ⋅ ⋅ ⋅ ⋅ ⅋ ⋀ ✓ ✓ ∴ ⚹ ⌘ ⛝ ⚹ ✓ Ω ⋀ ∴ ⛝ ∴ ⛝ ⛝ ∴ ⋀ ⌘ ⌧ ⌧ ⊕ ⌧ ☇ ⌧ ⅁ ⌧ ⅁ ⌧ ⌧ ⌧ ⌧ ⌧ ⌧ ⌑ ⚹ ¢ ⌧ ⌗ ⅌ ⊕ ⋖ ⅌ ш
⋅ ⋅ ⋅ ⋅ ⋅ ⋅ ⋅ ⋅ ⋅ ⋅ ⋅ ⋅ ⋅ ⋅ ⋅ ⋅ ⋅ ⋅ Ω ⅋ ⛝ ⌘ Ω ∴ ∴ ⋀ ∴ Ω ⅋ ✓ Ω ⋀ ∴ ✓ ✓ ⋀ ⌧ ⌗ ⌧ ⊕ ★ ⌧ ⋖ ⌧ ⌧ ⌧ ⌗ ⅋ ⌧ ⌧ ⌧ ∴ ⌧ ★ ‰ ♪ ⌑ ‰ ⛝ ⌗ ⧗ ‰ ℧
⋅ ⋅ ⋅ ⋅ ⋅ ⋅ ⋅ ⋅ ⋅ ⋅ ⋅ ⋅ ⋅ ⋅ ⋅ ⋅ ⋅ ⋅ ✓ ⅋ ⛝ ⛝ ⌘ Ω ⅋ ∴ ⚹ ⚹ ⌘ ✓ ⚹ ✓ ∴ ⚹ ∴ ⋀ ∴ Ω ⌧ ⌧ ⌧ ⌧ ⚹ ⌧ ∴ ⌑ ⋀ ⋖ ⌧ ⌧ ⌘ ✓ ⌧ ⅌ ⌘ ⅁ ℧ ✓ ¥ ✓ ⚹ ☇ ⅁
⋅ ⋅ ⋅ ⋅ ⋅ ⋅ ⋅ ⋅ ⋅ ⋅ ⋅ ⋅ ⋅ ⋅ ⋅ ⋅ ⋅ ⋅ ⚹ Ω ⅋ ⛝ ⋀ ⛝ ⚹ ⋀ ✓ ⌘ ✓ ⚹ ⅋ ⋀ ⌘ ✓ ⅋ ⅋ ⌧ Ω ⌧ ⌧ ⌧ ⌧ ⊕ ⌧ ⊕ ☇ ⋀ ✕ ⌘ ⌗ ⌧ Ω ⅋ ✓ ¢ ♮ ↗ ‰ ★ ↗ ш ‰ ш
⋅ ⋅ ⋅ ⋅ ⋅ ⋅ ⋅ ⋅ ⋅ ⋅ ⋅ ⋅ ⋅ ⋅ ⋅ ⋅ ⋅ ⋅ Ω ⋀ ⌘ ✓ Ω ⌘ ⌘ ✓ Ω ⚹ ⚹ ✓ ⚹ ∴ ⛝ ⋀ ⅋ ⋀ ⅌ ⛝ ⚹ ⌘ ⌧ ∴ ⌧ ✓ ⌧ ⌧ ⋖ ⌑ ⅋ ⌧ ∴ ⅋ ⌧ ⌧ ⛝ ⅌ ♪ ⊕ ★ ⋖ ⅋ ⋀ ⌘
⋅ ⋅ ⋅ ⋅ ⋅ ⋅ ⋅ ⋅ ⋅ ⋅ ⋅ ⋅ ⋅ ⋅ ⋅ ⋅ ⋅ ⋅ ∴ ∴ ⌘ ⚹ ⛝ ✓ ⛝ ⚹ ⛝ ∴ ⛝ ∴ Ω ∴ ⚹ ⚹ Ω ⌘ Ω ⌘ ⌧ Ω ⌧ ★ ⌧ Ω ⊕ ¢ ⌧ ⅋ ⅋ ⌗ ✕ ⌑ ⌧ ⊕ ⚹ ★ ‰ ⅋ ☇ Ω ♮ ♪ ∞
⋅ ⋅ ⋅ ⋅ ⋅ ⋅ ⋅ ⋅ ⋅ ⋅ ⋅ ⋅ ⋅ ⋅ ⋅ ⋅ ⋅ ⋅ ✓ ⅋ ⋀ ⌘ ⋀ ✓ ⋀ ⅋ ⅋ ⌘ Ω ⛝ ⛝ ⋀ ⋀ ⋀ ⅋ ⋀ ✓ ⅋ ⅁ ⌧ ⌧ ⌧ ⛝ ⌧ ⚹ ⊕ ⋖ ⌧ ⌧ ⊕ ⌧ ⋀ ⅋ ⌧ ⊕ ↗ § ⅌ ⌗ ⌑ ∴ ⚹ ∴
⋅ ⋅ ⋅ ⋅ ⋅ ⋅ ⋅ ⋅ ⋅ ⋅ ⋅ ⋅ ⋅ ⋅ ⋅ ⋅ ⋅ ⋅ ∴ ✓ ⌧ Ω ⅁ ⌧ ↗ ⌧ ⛝ ⌧ ∴ ☇ ⌧ ⅋ Ω ✕ ⌧ ⌧ ⚹ ★ ⛝ ⌗ ★ ✓ Ω ⌧ ★ ⅋ ⌧ ∴ ✕ ⌧ ✕ ⌧ ⌧ ⌗ ♪ ш ¢ ш Ω ⌧ ★ ⋀ ⋀
⋅ ⋅ ⋅ ⋅ ⋅ ⋅ ⋅ ⋅ ⋅ ⋅ ⋅ ⋅ ⋅ ⋅ ⋅ ⋅ ⋅ ⋅ ☇ ⌧ ✕ ¢ ⋖ ☇ ⛝ ⅌ ⌧ ⋀ ⅋ ⌧ ⌧ ∴ ⌧ ⋀ ✓ ⋖ ⊕ ⋖ ⌧ ⌧ ⋀ ⌘ ⌧ ↗ ⛝ ⋖ ⌧ ✕ ⌧ ↗ ⅌ ⅋ ⌧ ⌧ ш ⌘ ⌧ ⅌ ↗ ш ✕ ⅋ ⛝
⋅ ⋅ ⋅ ⋅ ⋅ ⋅ ⋅ ⋅ ⋅ ⋅ ⋅ ⋅ ⋅ ⋅ ⋅ ⋅ ⋅ ⋅ ⌧ ⌗ ⌧ ⛝ ⌧ ★ ⌧ ¢ ↗ ⌧ Ω ⋀ ⅋ ⌧ ⌧ ¢ ∴ ⌧ ¢ ∴ ⚹ ⛝ ⌧ ¢ ⛝ ⌧ Ω ✕ ⋖ ⌧ ⌧ ⌧ ⌧ ⅁ ⌧ ⌧ ⅁ ⛝ ∞ ⛝ ¥ ♪ ★ ✕ ⌘
⋅ ⋅ ⋅ ⋅ ⋅ ⋅ ⋅ ⋅ ⋅ ⋅ ⋅ ⋅ ⋅ ⋅ ⋅ ⋅ ⋅ ⋅ ⌧ ⌧ ⌘ ⌧ ☇ ⅁ ⌧ ☇ ⊕ ⋀ ⌗ Ω ⌧ ⊕ ✕ ✓ ⌧ ↗ ⌧ ⊕ ⅋ ⌧ ⌧ ⋖ ⅌ ⌧ ⌧ ✓ ⚹ ★ ☇ ⌧ ∴ Ω ✓ ⊕ ⅋ ⌑ ‰ ★ ♮ ⛝ ⚹ ⅁ Ω
⋅ ⋅ ⋅ ⋅ ⋅ ⋅ ⋅ ⋅ ⋅ ⋅ ⋅ ⋅ ⋅ ⋅ ⋅ ⋅ ⋅ ⋅ ⌧ ✕ ⅁ ⌧ ∴ ⛝ ⌧ Ω ✓ ⅋ ⌧ ⊕ ⋀ ⌧ ⌧ ∴ ⌘ ⌧ ¢ ⌧ ⅌ ☇ ¢ ⌗ Ω ⌘ ⌧ ⌧ ⚹ ↗ ⌑ ⌧ ⌘ ⛝ ⌧ ✓ ☇ ☇ ⌘ ‰ ℧ ♪ ↗ ‰ Ω
⋅ ⋅ ⋅ ⋅ ⋅ ⋅ ⋅ ⋅ ⋅ ⋅ ⋅ ⋅ ⋅ ⋅ ⋅ ⋅ ⋅ ⋅ ∴ ★ ⋀ ✕ ⌧ ¢ ✓ ⌘ ⌧ ⌧ ⌧ ⛝ ¢ ⌧ ⌗ ⚹ ⌗ ⌧ ⌧ ⊕ ⌧ ∴ ⅋ ⋀ ⌧ ⌧ ⌧ ¢ ⌧ Ω ⌧ Ω ✕ Ω ⋀ ⅁ ★ ⅋ ⌗ ♪ Ω ✓ ‰ ★ ⋀
⋅ ⋅ ⋅ ⋅ ⋅ ⋅ ⋅ ⋅ ⋅ ⋅ ⋅ ⋅ ⋅ ⋅ ⋅ ⋅ ⋅ ⋅ ⋀ ⌧ ⛝ ✕ ⅌ ⌧ ⌧ ⅋ ⌧ ⚹ ⌧ ¢ ☇ ⌑ ⌘ ⌗ ⚹ ☇ Ω ⊕ ⌧ ⌧ ⌧ ✕ ⌧ ↗ ⅌ ⋖ ⌧ ⅁ ⌧ ↗ ⅋ ⚹ ↗ ⅌ ⌑ ∴ ‰ Ω ⌗ ⌑ ⌘ ⋀ ℧
⋅ ⋅ ⋅ ⋅ ⋅ ⋅ ⋅ ⋅ ⋅ ⋅ ⋅ ⋅ ⋅ ⋅ ⋅ ⋅ ⋅ ⋅ ⌧ ⅁ ⋖ ⅌ ⌑ ⚹ ★ ⊕ ⚹ ⌧ ⌧ Ω ⅋ ✓ ⅋ ✓ ⚹ ✕ ⌧ ⌧ ⌧ ⌧ ⋖ ↗ ⌗ ⅋ ⚹ ∴ ⌧ ⌧ ⌧ ★ ⌧ ⌧ ⌗ ⋖ § ⌘ ⊕ ✓ ✕ ✓ ℧ ⋀ ⅋
⋅ ⋅ ⋅ ⋅ ⋅ ⋅ ⋅ ⋅ ⋅ ⋅ ⋅ ⋅ ⋅ ⋅ ⋅ ⋅ ⋅ ⋅ Ω ⌧ ⌧ ⌧ ⌘ ⋖ ⌧ ⌑ ⋖ ⌧ ☇ ⅋ ⅋ ⌑ ⌘ ⌧ ⌧ ⊕ ⌧ ⌧ ⋀ ⌧ ⛝ ⌧ ⌧ ⌧ ★ ⌧ ⌧ ⌑ ⌧ ¢ ⌑ ⌧ ⌧ ⋀ ⊕ ⅌ ⋀ ‰ ⅁ ⅁ ⅋ ⌗ ∞
⋅ ⋅ ⋅ ⋅ ⋅ ⋅ ⋅ ⋅ ⋅ ⋅ ⋅ ⋅ ⋅ ⋅ ⋅ ⋅ ⋅ ⋅ ⋅ ⋅ ⋅ ⋅ ⋅ ⋅ ⋅ ⋅ ⋅ ⋅ ⋅ ⋅ ⋅ ⋅ ⋅ ⋅ ⋅ ⋅ ⋅ ⋅ ⋅ ⋅ ⋅ ⋅ ⋅ ⋅ ⋅ ⅌ ⅋ ⌧ ✕ ⌧ ¢ ⌗ ⌧ ⌑ ⧗ ⅋ ¥ ☇ § ⌑ ⋖ ⧗ ¢
⋅ ⋅ ⋅ ⋅ ⋅ ⋅ ⋅ ⋅ ⋅ ⋅ ⋅ ⋅ ⋅ ⋅ ⋅ ⋅ ⋅ ⋅ ⋅ ⋅ ⋅ ⋅ ⋅ ⋅ ⋅ ⋅ ⋅ ⋅ ⋅ ⋅ ⋅ ⋅ ⋅ ⋅ ⋅ ⋅ ⋅ ⋅ ⋅ ⋅ ⋅ ⋅ ⋅ ⋅ ⋅ ⌧ ⌧ ↗ ⌗ ⌘ ¢ ⌧ ¢ ⅋ ⅁ ¢ ⅋ ★ ⅁ ⅌ ⅋ ⚹ ш
⋅ ⋅ ⋅ ⋅ ⋅ ⋅ ⋅ ⋅ ⋅ ⋅ ⋅ ⋅ ⋅ ⋅ ⋅ ⋅ ⋅ ⋅ ⋅ ⋅ ⋅ ⋅ ⋅ ⋅ ⋅ ⋅ ⋅ ⋅ ⋅ ⋅ ⋅ ⋅ ⋅ ⋅ ⋅ ⋅ ⋅ ⋅ ⋅ ⋅ ⋅ ⋅ ⋅ ⋅ ⋅ ⌧ ↗ ⌗ ⌧ ↗ ⌧ ⌧ ⋀ ⌧ ⌑ ✕ ⌑ ¥ ‰ ⧗ ⅌ ⋖ ¥
⋅ ⋅ ⋅ ⋅ ⋅ ⋅ ⋅ ⋅ ⋅ ⋅ ⋅ ⋅ ⋅ ⋅ ⋅ ⋅ ⋅ ⋅ ⋅ ⋅ ⋅ ⋅ ⋅ ⋅ ⋅ ⋅ ⋅ ⋅ ⋅ ⋅ ⋅ ⋅ ⋅ ⋅ ⋅ ⋅ ⋅ ⋅ ⋅ ⋅ ⋅ ⋅ ⋅ ⋅ ⋅ ⋀ ⅋ ⌧ ⅋ ∴ ⌘ Ω ⌧ ⊕ ⚹ ⅌ ш ⌘ ⌑ ∴ Ω ⌑ ‰
⋅ ⋅ ⋅ ⋅ ⋅ ⋅ ⋅ ⋅ ⋅ ⋅ ⋅ ⋅ ⋅ ⋅ ⋅ ⋅ ⋅ ⋅ ⋅ ⋅ ⋅ ⋅ ⋅ ⋅ ⋅ ⋅ ⋅ ⋅ ⋅ ⋅ ⋅ ⋅ ⋅ ⋅ ⋅ ⋅ ⋅ ⋅ ⋅ ⋅ ⋅ ⋅ ⋅ ⋅ ⋅ ⌧ ⌧ ★ ⅁ ★ ⌑ ⋖ ⌧ ¢ ¢ ⌘ ↗ ⅋ ↗ § Ω ⌗ ☇
⋅ ⋅ ⋅ ⋅ ⋅ ⋅ ⋅ ⋅ ⋅ ⋅ ⋅ ⋅ ⋅ ⋅ ⋅ ⋅ ⋅ ⋅ ⋅ ⋅ ⋅ ⋅ ⋅ ⋅ ⋅ ⋅ ⋅ ⋅ ⋅ ⋅ ⋅ ⋅ ⋅ ⋅ ⋅ ⋅ ⋅ ⋅ ⋅ ⋅ ⋅ ⋅ ⋅ ⋅ ⋅ Ω ⌧ ¢ ⅌ ⋀ ⌑ ⌗ Ω ⅋ ⋀ ⌧ § ⌘ ⋖ ⅁ Ω ∞ ✕
⋅ ⋅ ⋅ ⋅ ⋅ ⋅ ⋅ ⋅ ⋅ ⋅ ⋅ ⋅ ⋅ ⋅ ⋅ ⋅ ⋅ ⋅ ⋅ ⋅ ⋅ ⋅ ⋅ ⋅ ⋅ ⋅ ⋅ ⋅ ⋅ ⋅ ⋅ ⋅ ⋅ ⋅ ⋅ ⋅ ⋅ ⋅ ⋅ ⋅ ⋅ ⋅ ⋅ ⋅ ⋅ ⌧ ⛝ ↗ ⌧ ⌧ ⌑ ✓ ¢ ⌑ ⅌ ⌘ ш Ω ∞ ш ⌗ ⅋ ⅌
⋅ ⋅ ⋅ ⋅ ⋅ ⋅ ⋅ ⋅ ⋅ ⋅ ⋅ ⋅ ⋅ ⋅ ⋅ ⋅ ⋅ ⋅ ⋅ ⋅ ⋅ ⋅ ⋅ ⋅ ⋅ ⋅ ⋅ ⋅ ⋅ ⋅ ⋅ ⋅ ⋅ ⋅ ⋅ ⋅ ⋅ ⋅ ⋅ ⋅ ⋅ ⋅ ⋅ ⋅ ⋅ ∴ ⌧ ⌧ ✓ ⋀ ✕ ⌧ ∴ ⌑ ш ♮ ♪ § ⊕ § ★ § ⚹
